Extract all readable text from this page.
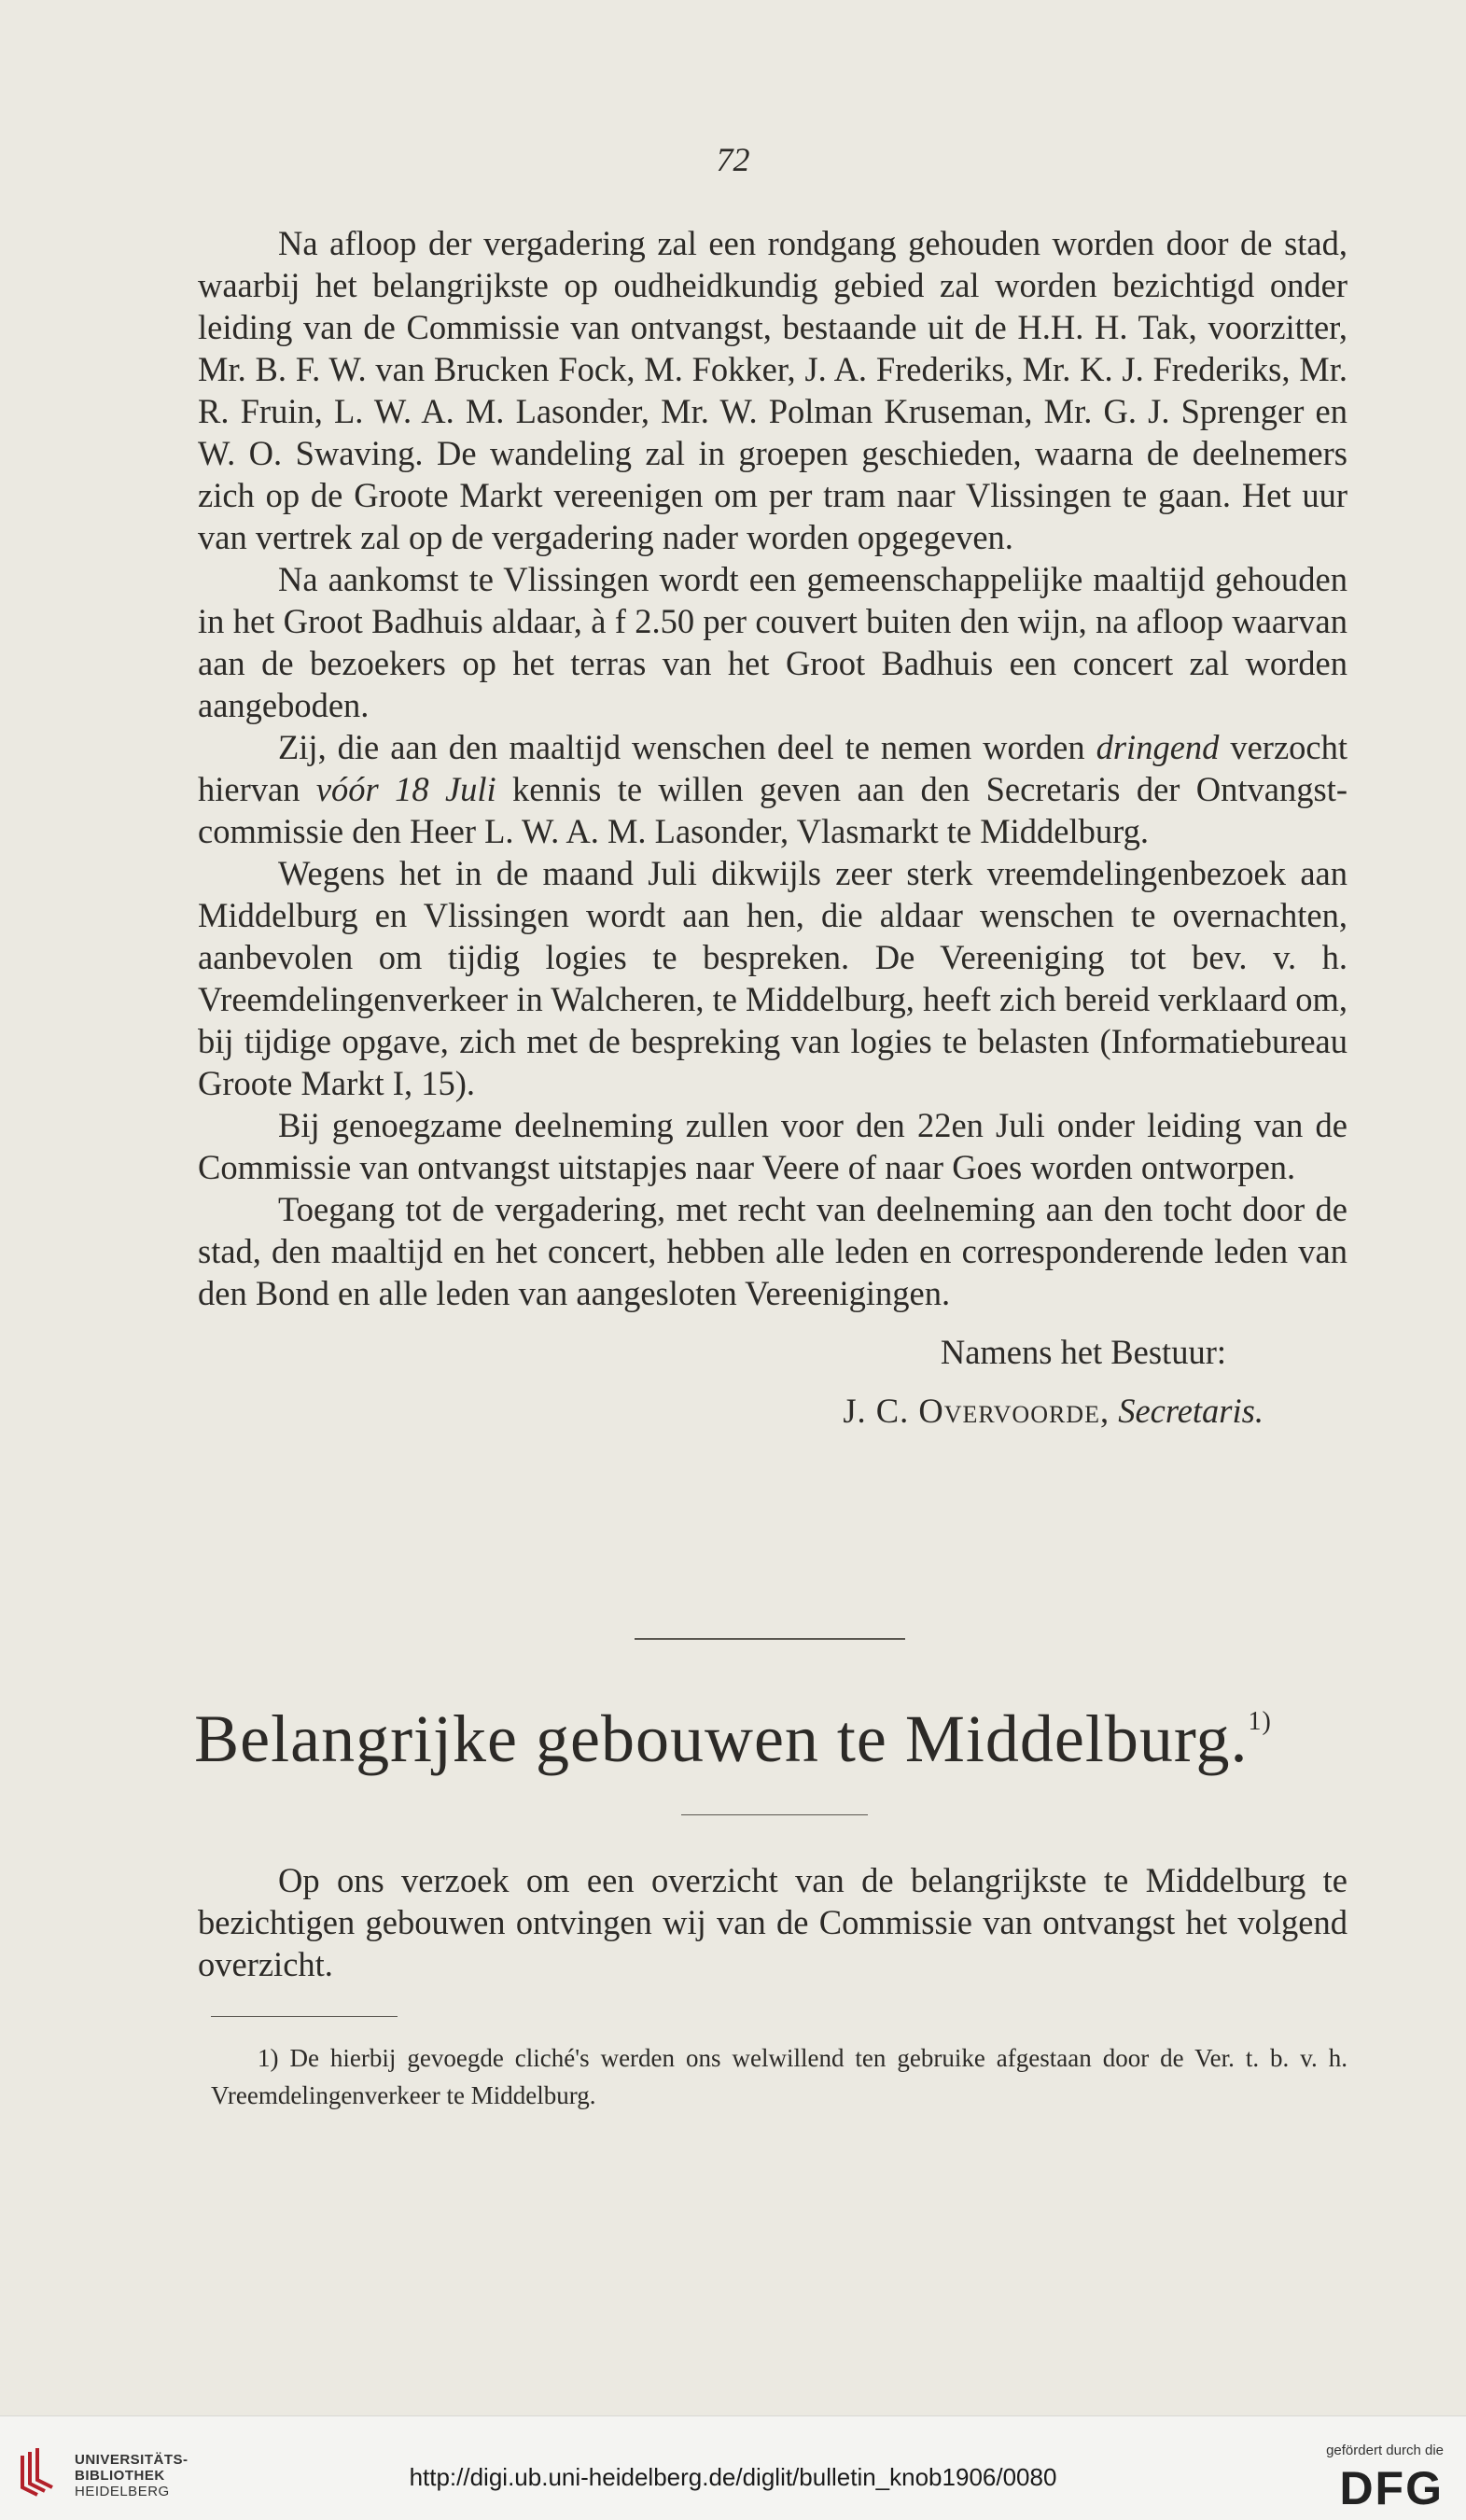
72

Na afloop der vergadering zal een rondgang gehouden worden door de stad, waarbij het belangrijkste op oudheidkundig gebied zal worden bezichtigd onder leiding van de Commissie van ontvangst, bestaande uit de H.H. H. Tak, voorzitter, Mr. B. F. W. van Brucken Fock, M. Fokker, J. A. Frederiks, Mr. K. J. Frederiks, Mr. R. Fruin, L. W. A. M. Lasonder, Mr. W. Polman Kruseman, Mr. G. J. Sprenger en W. O. Swaving. De wandeling zal in groepen geschieden, waarna de deelnemers zich op de Groote Markt vereenigen om per tram naar Vlissingen te gaan. Het uur van vertrek zal op de vergadering nader worden opgegeven.

Na aankomst te Vlissingen wordt een gemeenschappelijke maaltijd gehouden in het Groot Badhuis aldaar, à f 2.50 per couvert buiten den wijn, na afloop waarvan aan de bezoekers op het terras van het Groot Badhuis een concert zal worden aangeboden.

Zij, die aan den maaltijd wenschen deel te nemen worden dringend verzocht hiervan vóór 18 Juli kennis te willen geven aan den Secretaris der Ontvangst-commissie den Heer L. W. A. M. Lasonder, Vlasmarkt te Middelburg.

Wegens het in de maand Juli dikwijls zeer sterk vreemdelingenbezoek aan Middelburg en Vlissingen wordt aan hen, die aldaar wenschen te overnachten, aanbevolen om tijdig logies te bespreken. De Vereeniging tot bev. v. h. Vreemdelingenverkeer in Walcheren, te Middelburg, heeft zich bereid verklaard om, bij tijdige opgave, zich met de bespreking van logies te belasten (Informatiebureau Groote Markt I, 15).

Bij genoegzame deelneming zullen voor den 22en Juli onder leiding van de Commissie van ontvangst uitstapjes naar Veere of naar Goes worden ontworpen.

Toegang tot de vergadering, met recht van deelneming aan den tocht door de stad, den maaltijd en het concert, hebben alle leden en corresponderende leden van den Bond en alle leden van aangesloten Vereenigingen.

Namens het Bestuur:

J. C. Overvoorde, Secretaris.

Belangrijke gebouwen te Middelburg.$^{1)}$

Op ons verzoek om een overzicht van de belangrijkste te Middelburg te bezichtigen gebouwen ontvingen wij van de Commissie van ontvangst het volgend overzicht.

1) De hierbij gevoegde cliché's werden ons welwillend ten gebruike afgestaan door de Ver. t. b. v. h. Vreemdelingenverkeer te Middelburg.

UNIVERSITÄTS-
BIBLIOTHEK
HEIDELBERG
http://digi.ub.uni-heidelberg.de/diglit/bulletin_knob1906/0080
gefördert durch die
DFG
